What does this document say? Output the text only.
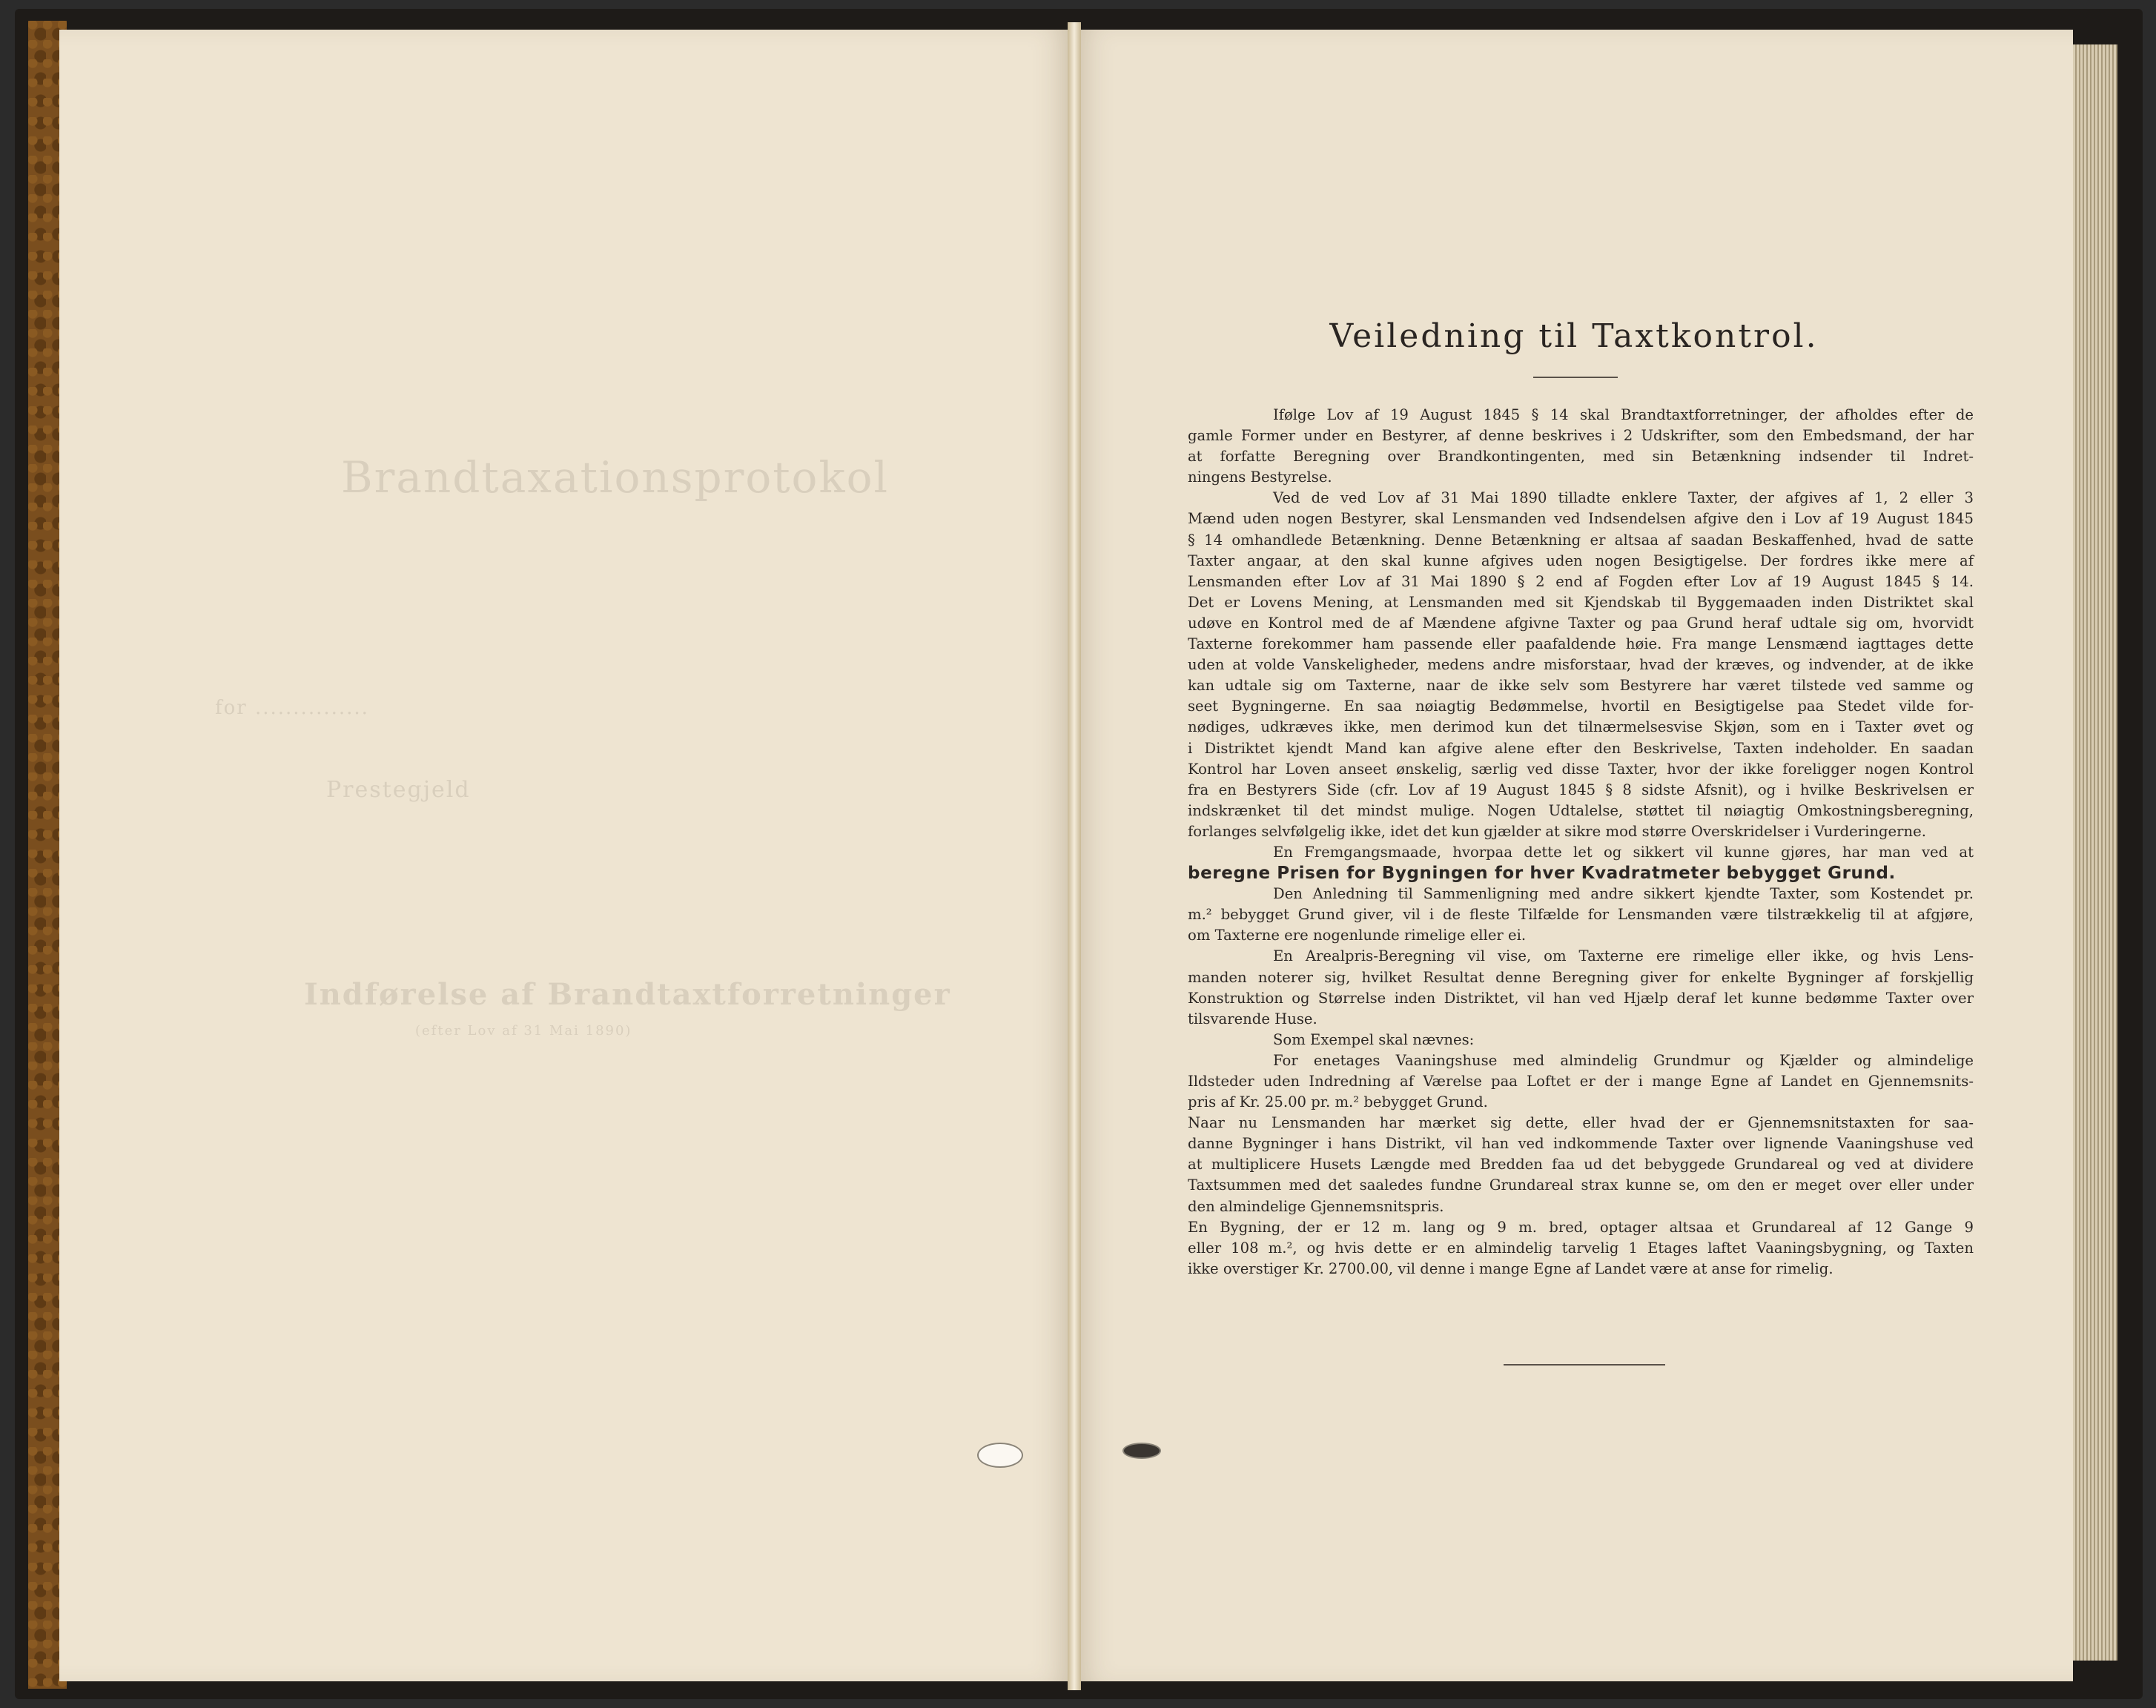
Brandtaxationsprotokol
for ...............
Prestegjeld
Indførelse af Brandtaxtforretninger
(efter Lov af 31 Mai 1890)
Veiledning til Taxtkontrol.

Ifølge Lov af 19 August 1845 § 14 skal Brandtaxtforretninger, der afholdes efter de

gamle Former under en Bestyrer, af denne beskrives i 2 Udskrifter, som den Embedsmand, der har

at forfatte Beregning over Brandkontingenten, med sin Betænkning indsender til Indret-

ningens Bestyrelse.

Ved de ved Lov af 31 Mai 1890 tilladte enklere Taxter, der afgives af 1, 2 eller 3

Mænd uden nogen Bestyrer, skal Lensmanden ved Indsendelsen afgive den i Lov af 19 August 1845

§ 14 omhandlede Betænkning. Denne Betænkning er altsaa af saadan Beskaffenhed, hvad de satte

Taxter angaar, at den skal kunne afgives uden nogen Besigtigelse. Der fordres ikke mere af

Lensmanden efter Lov af 31 Mai 1890 § 2 end af Fogden efter Lov af 19 August 1845 § 14.

Det er Lovens Mening, at Lensmanden med sit Kjendskab til Byggemaaden inden Distriktet skal

udøve en Kontrol med de af Mændene afgivne Taxter og paa Grund heraf udtale sig om, hvorvidt

Taxterne forekommer ham passende eller paafaldende høie. Fra mange Lensmænd iagttages dette

uden at volde Vanskeligheder, medens andre misforstaar, hvad der kræves, og indvender, at de ikke

kan udtale sig om Taxterne, naar de ikke selv som Bestyrere har været tilstede ved samme og

seet Bygningerne. En saa nøiagtig Bedømmelse, hvortil en Besigtigelse paa Stedet vilde for-

nødiges, udkræves ikke, men derimod kun det tilnærmelsesvise Skjøn, som en i Taxter øvet og

i Distriktet kjendt Mand kan afgive alene efter den Beskrivelse, Taxten indeholder. En saadan

Kontrol har Loven anseet ønskelig, særlig ved disse Taxter, hvor der ikke foreligger nogen Kontrol

fra en Bestyrers Side (cfr. Lov af 19 August 1845 § 8 sidste Afsnit), og i hvilke Beskrivelsen er

indskrænket til det mindst mulige. Nogen Udtalelse, støttet til nøiagtig Omkostningsberegning,

forlanges selvfølgelig ikke, idet det kun gjælder at sikre mod større Overskridelser i Vurderingerne.

En Fremgangsmaade, hvorpaa dette let og sikkert vil kunne gjøres, har man ved at

beregne Prisen for Bygningen for hver Kvadratmeter bebygget Grund.

Den Anledning til Sammenligning med andre sikkert kjendte Taxter, som Kostendet pr.

m.² bebygget Grund giver, vil i de fleste Tilfælde for Lensmanden være tilstrækkelig til at afgjøre,

om Taxterne ere nogenlunde rimelige eller ei.

En Arealpris-Beregning vil vise, om Taxterne ere rimelige eller ikke, og hvis Lens-

manden noterer sig, hvilket Resultat denne Beregning giver for enkelte Bygninger af forskjellig

Konstruktion og Størrelse inden Distriktet, vil han ved Hjælp deraf let kunne bedømme Taxter over

tilsvarende Huse.

Som Exempel skal nævnes:

For enetages Vaaningshuse med almindelig Grundmur og Kjælder og almindelige

Ildsteder uden Indredning af Værelse paa Loftet er der i mange Egne af Landet en Gjennemsnits-

pris af Kr. 25.00 pr. m.² bebygget Grund.

Naar nu Lensmanden har mærket sig dette, eller hvad der er Gjennemsnitstaxten for saa-

danne Bygninger i hans Distrikt, vil han ved indkommende Taxter over lignende Vaaningshuse ved

at multiplicere Husets Længde med Bredden faa ud det bebyggede Grundareal og ved at dividere

Taxtsummen med det saaledes fundne Grundareal strax kunne se, om den er meget over eller under

den almindelige Gjennemsnitspris.

En Bygning, der er 12 m. lang og 9 m. bred, optager altsaa et Grundareal af 12 Gange 9

eller 108 m.², og hvis dette er en almindelig tarvelig 1 Etages laftet Vaaningsbygning, og Taxten

ikke overstiger Kr. 2700.00, vil denne i mange Egne af Landet være at anse for rimelig.
